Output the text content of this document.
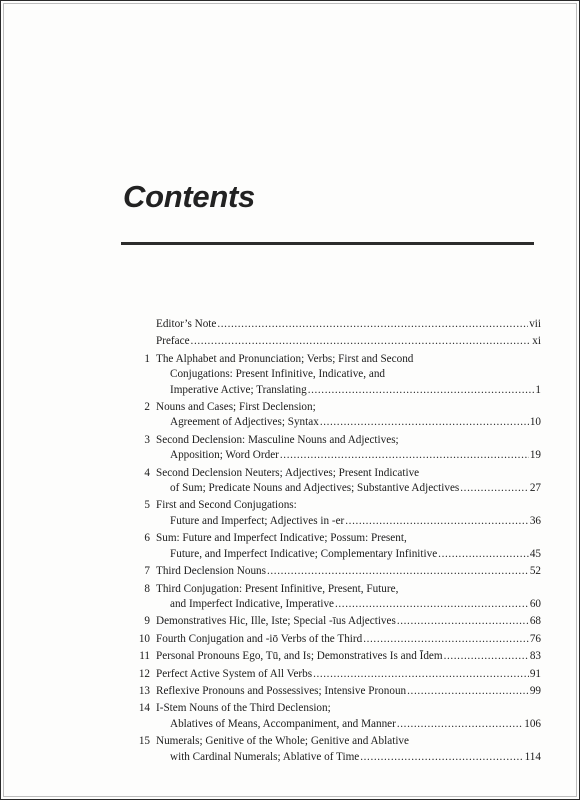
Contents
Editor’s Note .....	vii
Preface .....	xi
1 The Alphabet and Pronunciation; Verbs; First and Second
Conjugations: Present Infinitive, Indicative, and
Imperative Active; Translating .....	1
2 Nouns and Cases; First Declension;
Agreement of Adjectives; Syntax .....	10
3 Second Declension: Masculine Nouns and Adjectives;
Apposition; Word Order .....	19
4 Second Declension Neuters; Adjectives; Present Indicative
of Sum; Predicate Nouns and Adjectives; Substantive Adjectives .....	27
5 First and Second Conjugations:
Future and Imperfect; Adjectives in -er .....	36
6 Sum: Future and Imperfect Indicative; Possum: Present,
Future, and Imperfect Indicative; Complementary Infinitive .....	45
7 Third Declension Nouns .....	52
8 Third Conjugation: Present Infinitive, Present, Future,
and Imperfect Indicative, Imperative .....	60
9 Demonstratives Hic, Ille, Iste; Special -īus Adjectives .....	68
10 Fourth Conjugation and -iō Verbs of the Third .....	76
11 Personal Pronouns Ego, Tū, and Is; Demonstratives Is and Īdem .....	83
12 Perfect Active System of All Verbs .....	91
13 Reflexive Pronouns and Possessives; Intensive Pronoun .....	99
14 I-Stem Nouns of the Third Declension;
Ablatives of Means, Accompaniment, and Manner .....	106
15 Numerals; Genitive of the Whole; Genitive and Ablative
with Cardinal Numerals; Ablative of Time .....	114
